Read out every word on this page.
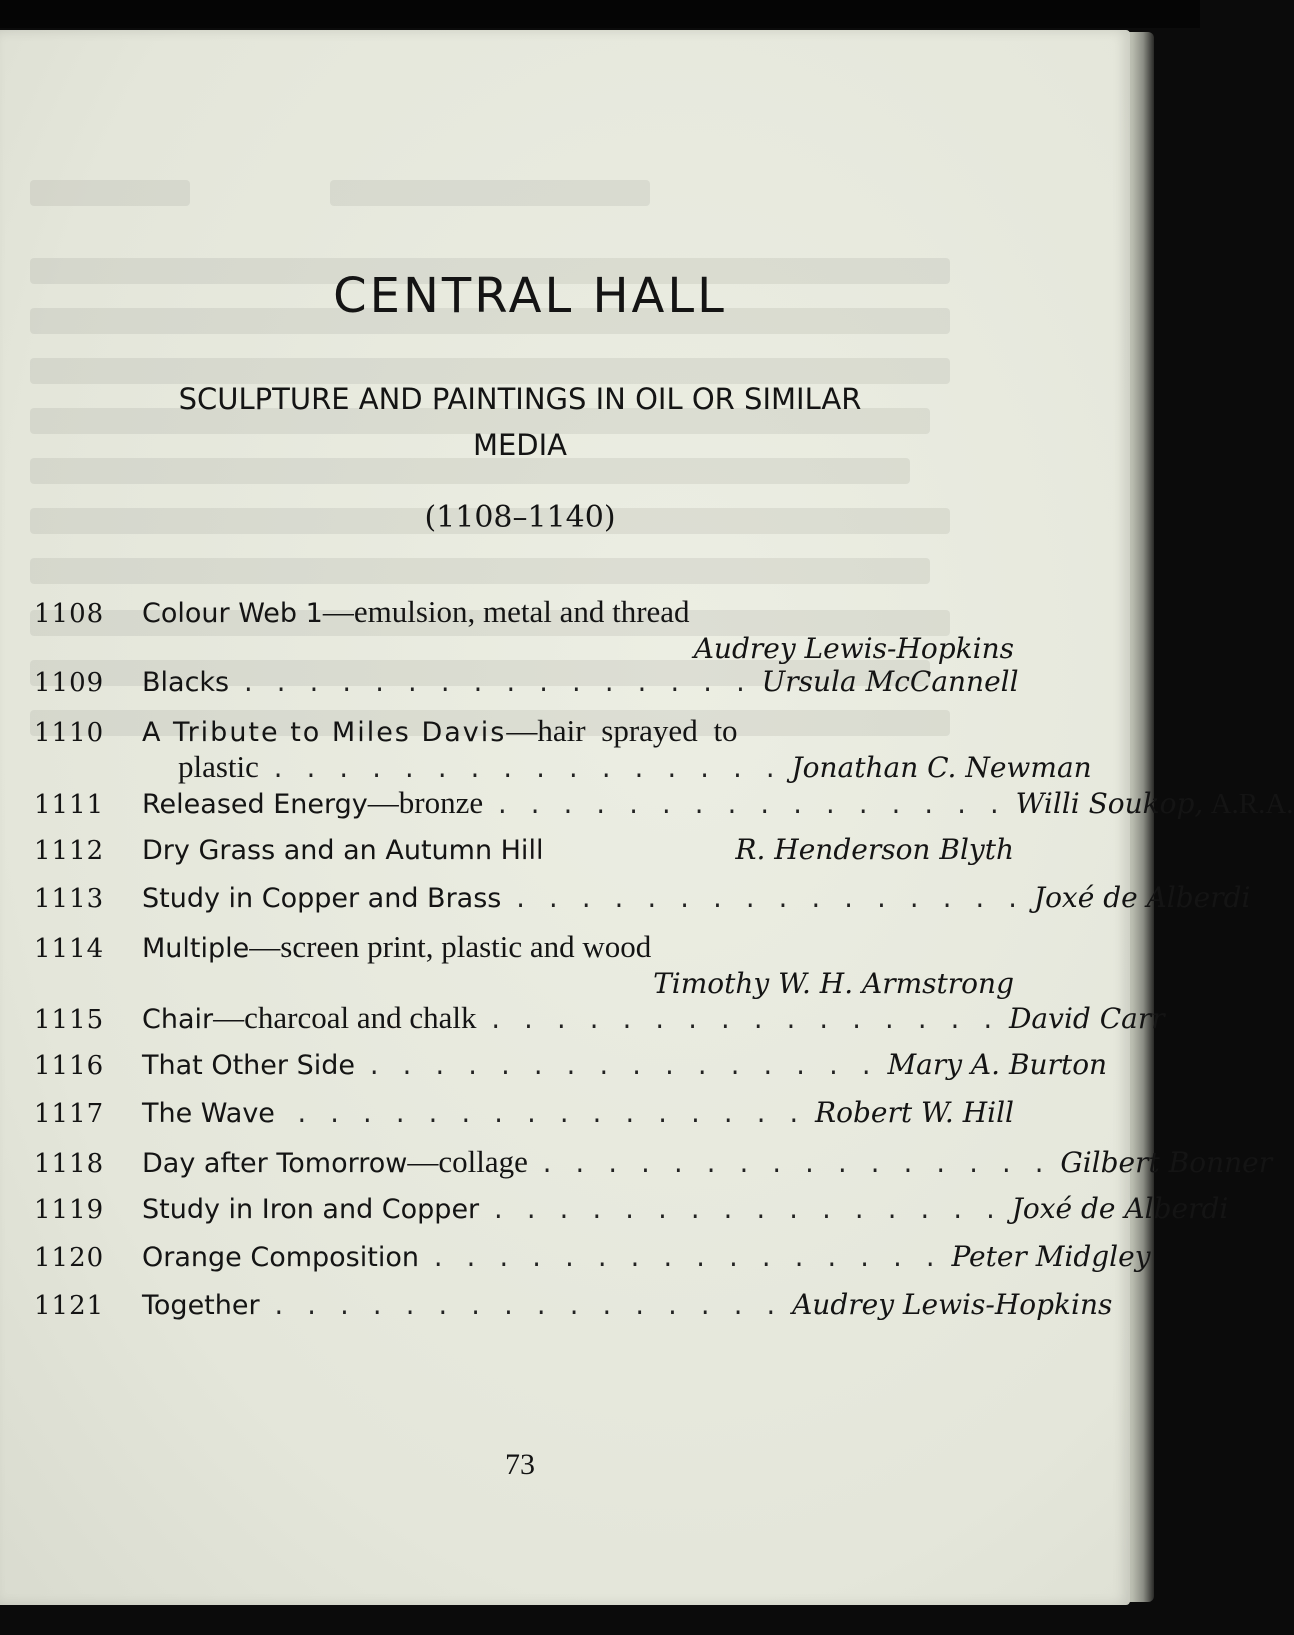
CENTRAL HALL
SCULPTURE AND PAINTINGS IN OIL OR SIMILAR
MEDIA
(1108–1140)
1108	Colour Web 1 —emulsion, metal and thread
Audrey Lewis-Hopkins
1109	Blacks . . . . . . . . . . . . . . . . Ursula McCannell
1110	A Tribute to Miles Davis —hair sprayed to
plastic . . . . . . . . . . . . . . . . Jonathan C. Newman
1111	Released Energy —bronze . . . . . . . . . . . . . . . . Willi Soukop,
A.R.A.
1112	Dry Grass and an Autumn Hill	R. Henderson Blyth
1113	Study in Copper and Brass . . . . . . . . . . . . . . . . Joxé de Alberdi
1114	Multiple —screen print, plastic and wood
Timothy W. H. Armstrong
1115	Chair —charcoal and chalk . . . . . . . . . . . . . . . . David Carr
1116	That Other Side . . . . . . . . . . . . . . . . Mary A. Burton
1117	The Wave . . . . . . . . . . . . . . . . Robert W. Hill
1118	Day after Tomorrow —collage . . . . . . . . . . . . . . . . Gilbert Bonner
1119	Study in Iron and Copper . . . . . . . . . . . . . . . . Joxé de Alberdi
1120	Orange Composition . . . . . . . . . . . . . . . . Peter Midgley
1121	Together . . . . . . . . . . . . . . . . Audrey Lewis-Hopkins
73
